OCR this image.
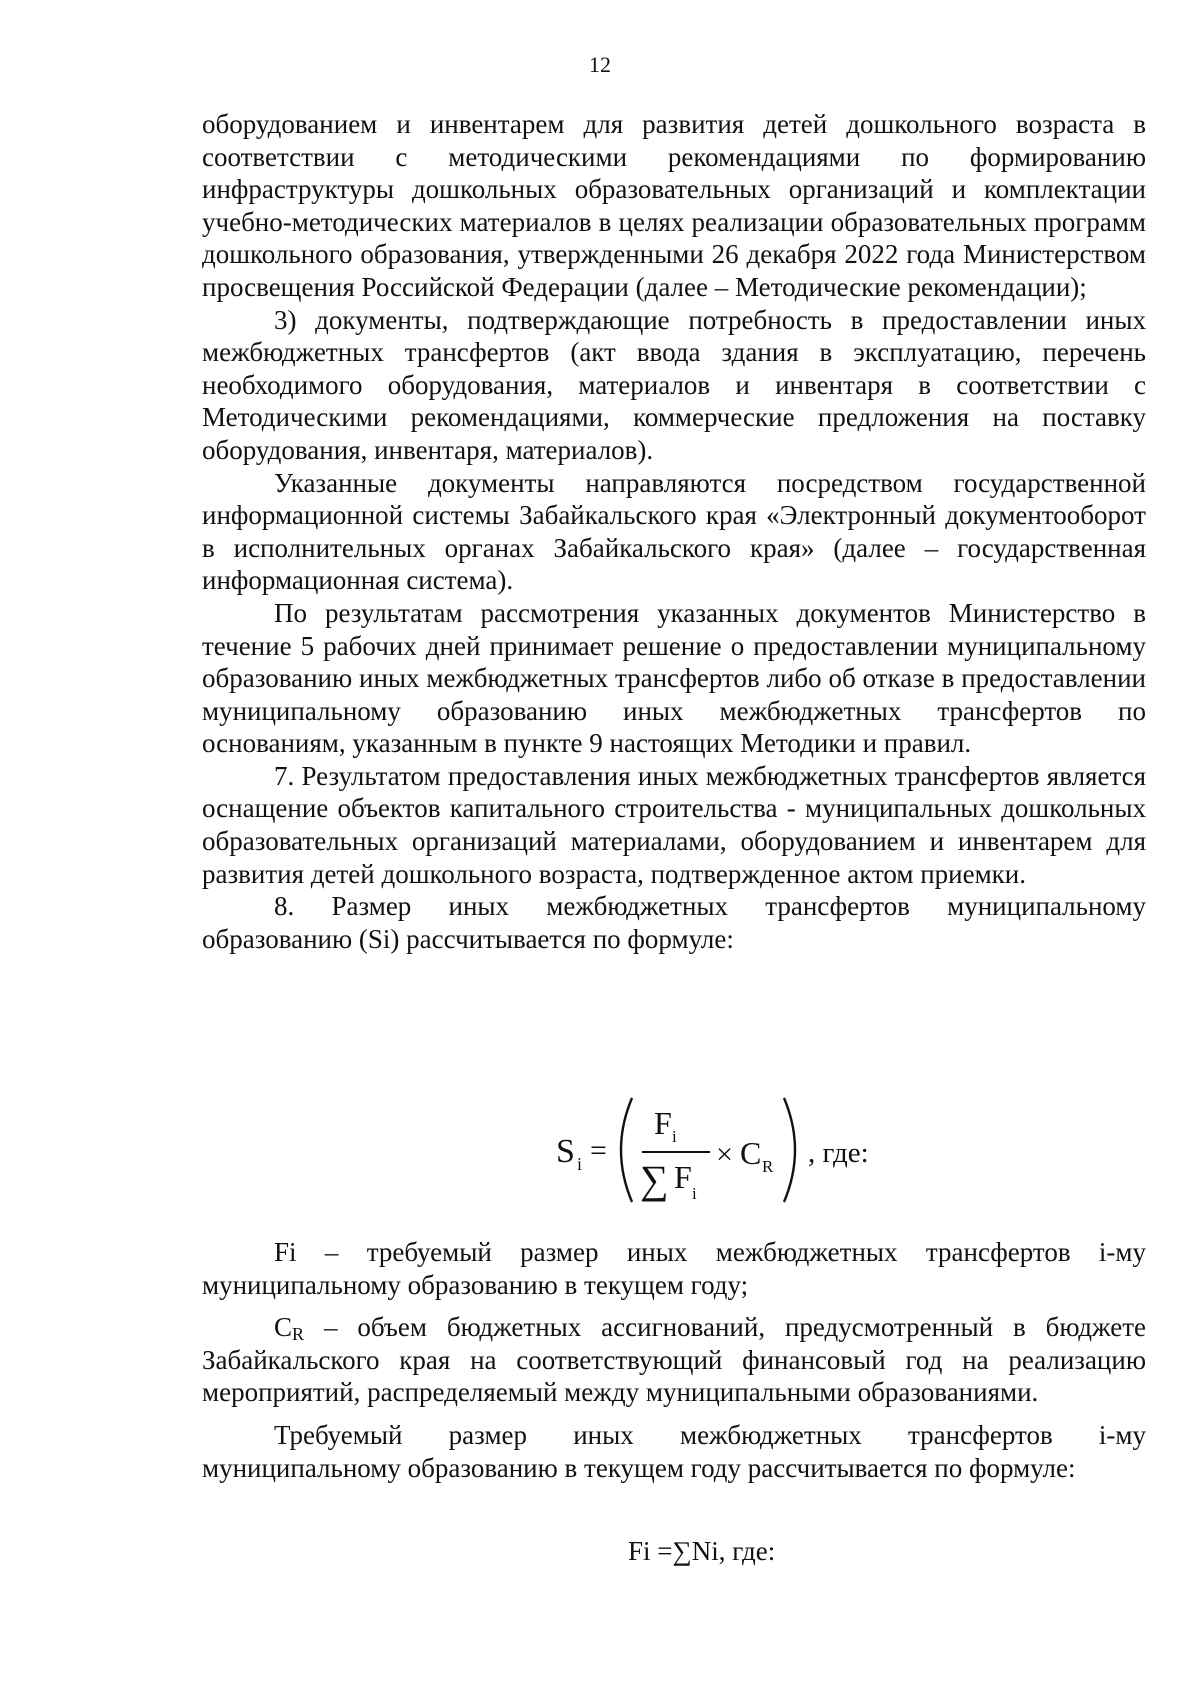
12

оборудованием и инвентарем для развития детей дошкольного возраста в соответствии с методическими рекомендациями по формированию инфраструктуры дошкольных образовательных организаций и комплектации учебно-методических материалов в целях реализации образовательных программ дошкольного образования, утвержденными 26 декабря 2022 года Министерством просвещения Российской Федерации (далее – Методические рекомендации);

3) документы, подтверждающие потребность в предоставлении иных межбюджетных трансфертов (акт ввода здания в эксплуатацию, перечень необходимого оборудования, материалов и инвентаря в соответствии с Методическими рекомендациями, коммерческие предложения на поставку оборудования, инвентаря, материалов).

Указанные документы направляются посредством государственной информационной системы Забайкальского края «Электронный документооборот в исполнительных органах Забайкальского края» (далее – государственная информационная система).

По результатам рассмотрения указанных документов Министерство в течение 5 рабочих дней принимает решение о предоставлении муниципальному образованию иных межбюджетных трансфертов либо об отказе в предоставлении муниципальному образованию иных межбюджетных трансфертов по основаниям, указанным в пункте 9 настоящих Методики и правил.

7. Результатом предоставления иных межбюджетных трансфертов является оснащение объектов капитального строительства - муниципальных дошкольных образовательных организаций материалами, оборудованием и инвентарем для развития детей дошкольного возраста, подтвержденное актом приемки.

8. Размер иных межбюджетных трансфертов муниципальному образованию (Si) рассчитывается по формуле:

S i =
F i
∑ F i
× C R , где:

Fi – требуемый размер иных межбюджетных трансфертов i-му муниципальному образованию в текущем году;

$C_R$ – объем бюджетных ассигнований, предусмотренный в бюджете Забайкальского края на соответствующий финансовый год на реализацию мероприятий, распределяемый между муниципальными образованиями.

Требуемый размер иных межбюджетных трансфертов i-му муниципальному образованию в текущем году рассчитывается по формуле:

Fi =∑Ni, где:
